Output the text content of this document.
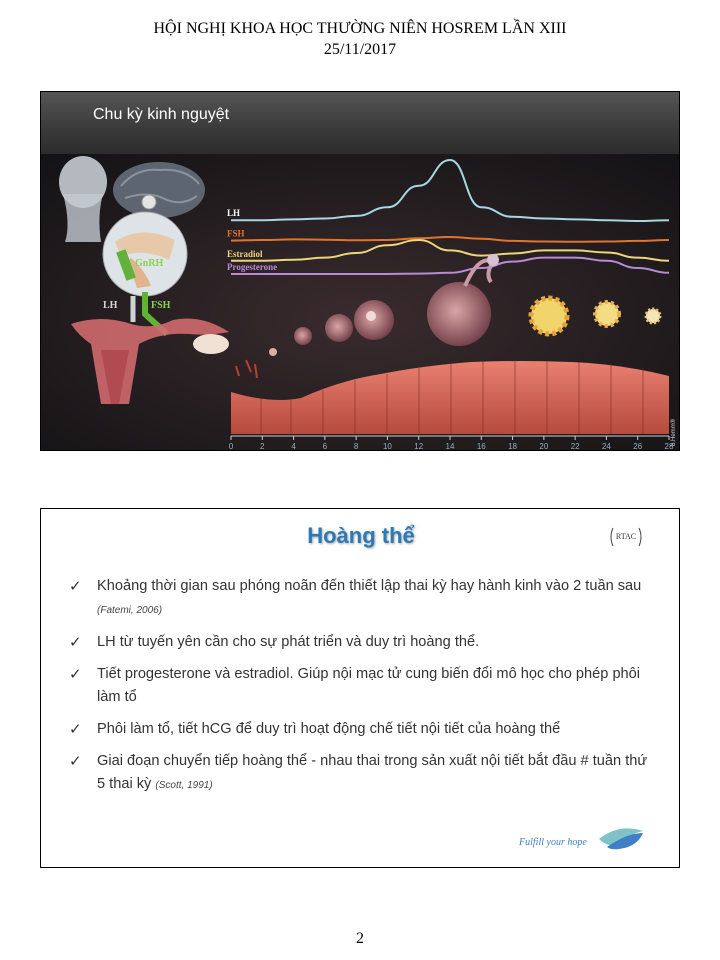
HỘI NGHỊ KHOA HỌC THƯỜNG NIÊN HOSREM LẦN XIII
25/11/2017
Chu kỳ kinh nguyệt
GnRH
FSH
LH
LH
FSH
Estradiol
Progesterone
0	2	4	6	8	10	12	14	16	18	20	22	24	26	28
b.Hemm®
Hoàng thể	RTAC
✓ Khoảng thời gian sau phóng noãn đến thiết lập thai kỳ hay hành kinh vào 2 tuần sau (Fatemi, 2006)
✓ LH từ tuyến yên cần cho sự phát triển và duy trì hoàng thể.
✓ Tiết progesterone và estradiol. Giúp nội mạc tử cung biến đổi mô học cho phép phôi làm tổ
✓ Phôi làm tổ, tiết hCG để duy trì hoạt động chế tiết nội tiết của hoàng thể
✓ Giai đoạn chuyển tiếp hoàng thể - nhau thai trong sản xuất nội tiết bắt đầu # tuần thứ 5 thai kỳ (Scott, 1991)
Fulfill your hope
2
